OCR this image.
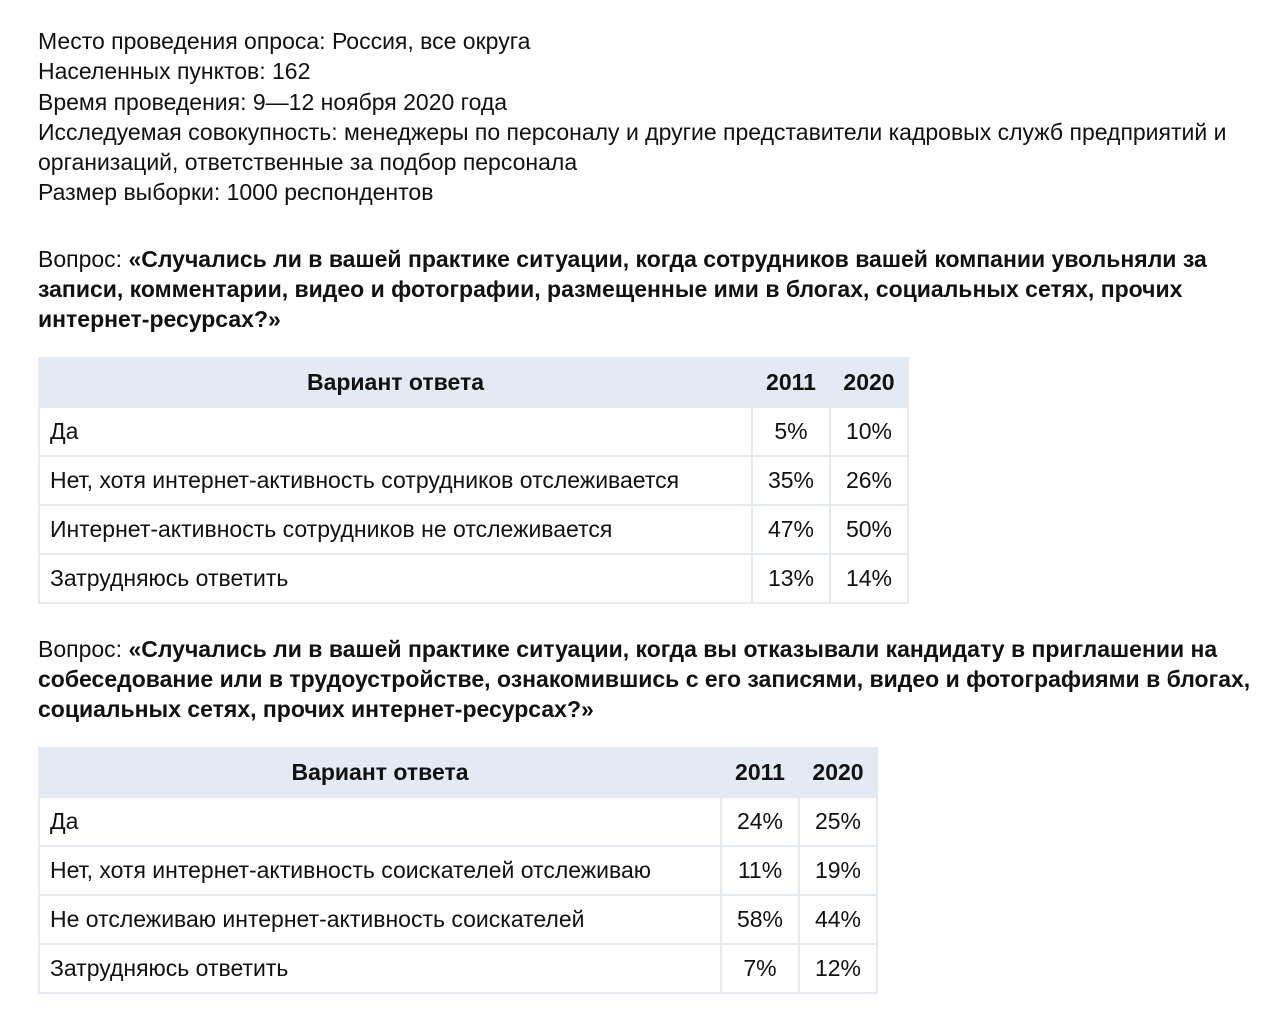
Место проведения опроса: Россия, все округа

Населенных пунктов: 162

Время проведения: 9—12 ноября 2020 года

Исследуемая совокупность: менеджеры по персоналу и другие представители кадровых служб предприятий и организаций, ответственные за подбор персонала

Размер выборки: 1000 респондентов

Вопрос: «Случались ли в вашей практике ситуации, когда сотрудников вашей компании увольняли за записи, комментарии, видео и фотографии, размещенные ими в блогах, социальных сетях, прочих интернет-ресурсах?»
Вариант ответа	2011	2020
Да	5%	10%
Нет, хотя интернет-активность сотрудников отслеживается	35%	26%
Интернет-активность сотрудников не отслеживается	47%	50%
Затрудняюсь ответить	13%	14%
Вопрос: «Случались ли в вашей практике ситуации, когда вы отказывали кандидату в приглашении на собеседование или в трудоустройстве, ознакомившись с его записями, видео и фотографиями в блогах, социальных сетях, прочих интернет-ресурсах?»
Вариант ответа	2011	2020
Да	24%	25%
Нет, хотя интернет-активность соискателей отслеживаю	11%	19%
Не отслеживаю интернет-активность соискателей	58%	44%
Затрудняюсь ответить	7%	12%
